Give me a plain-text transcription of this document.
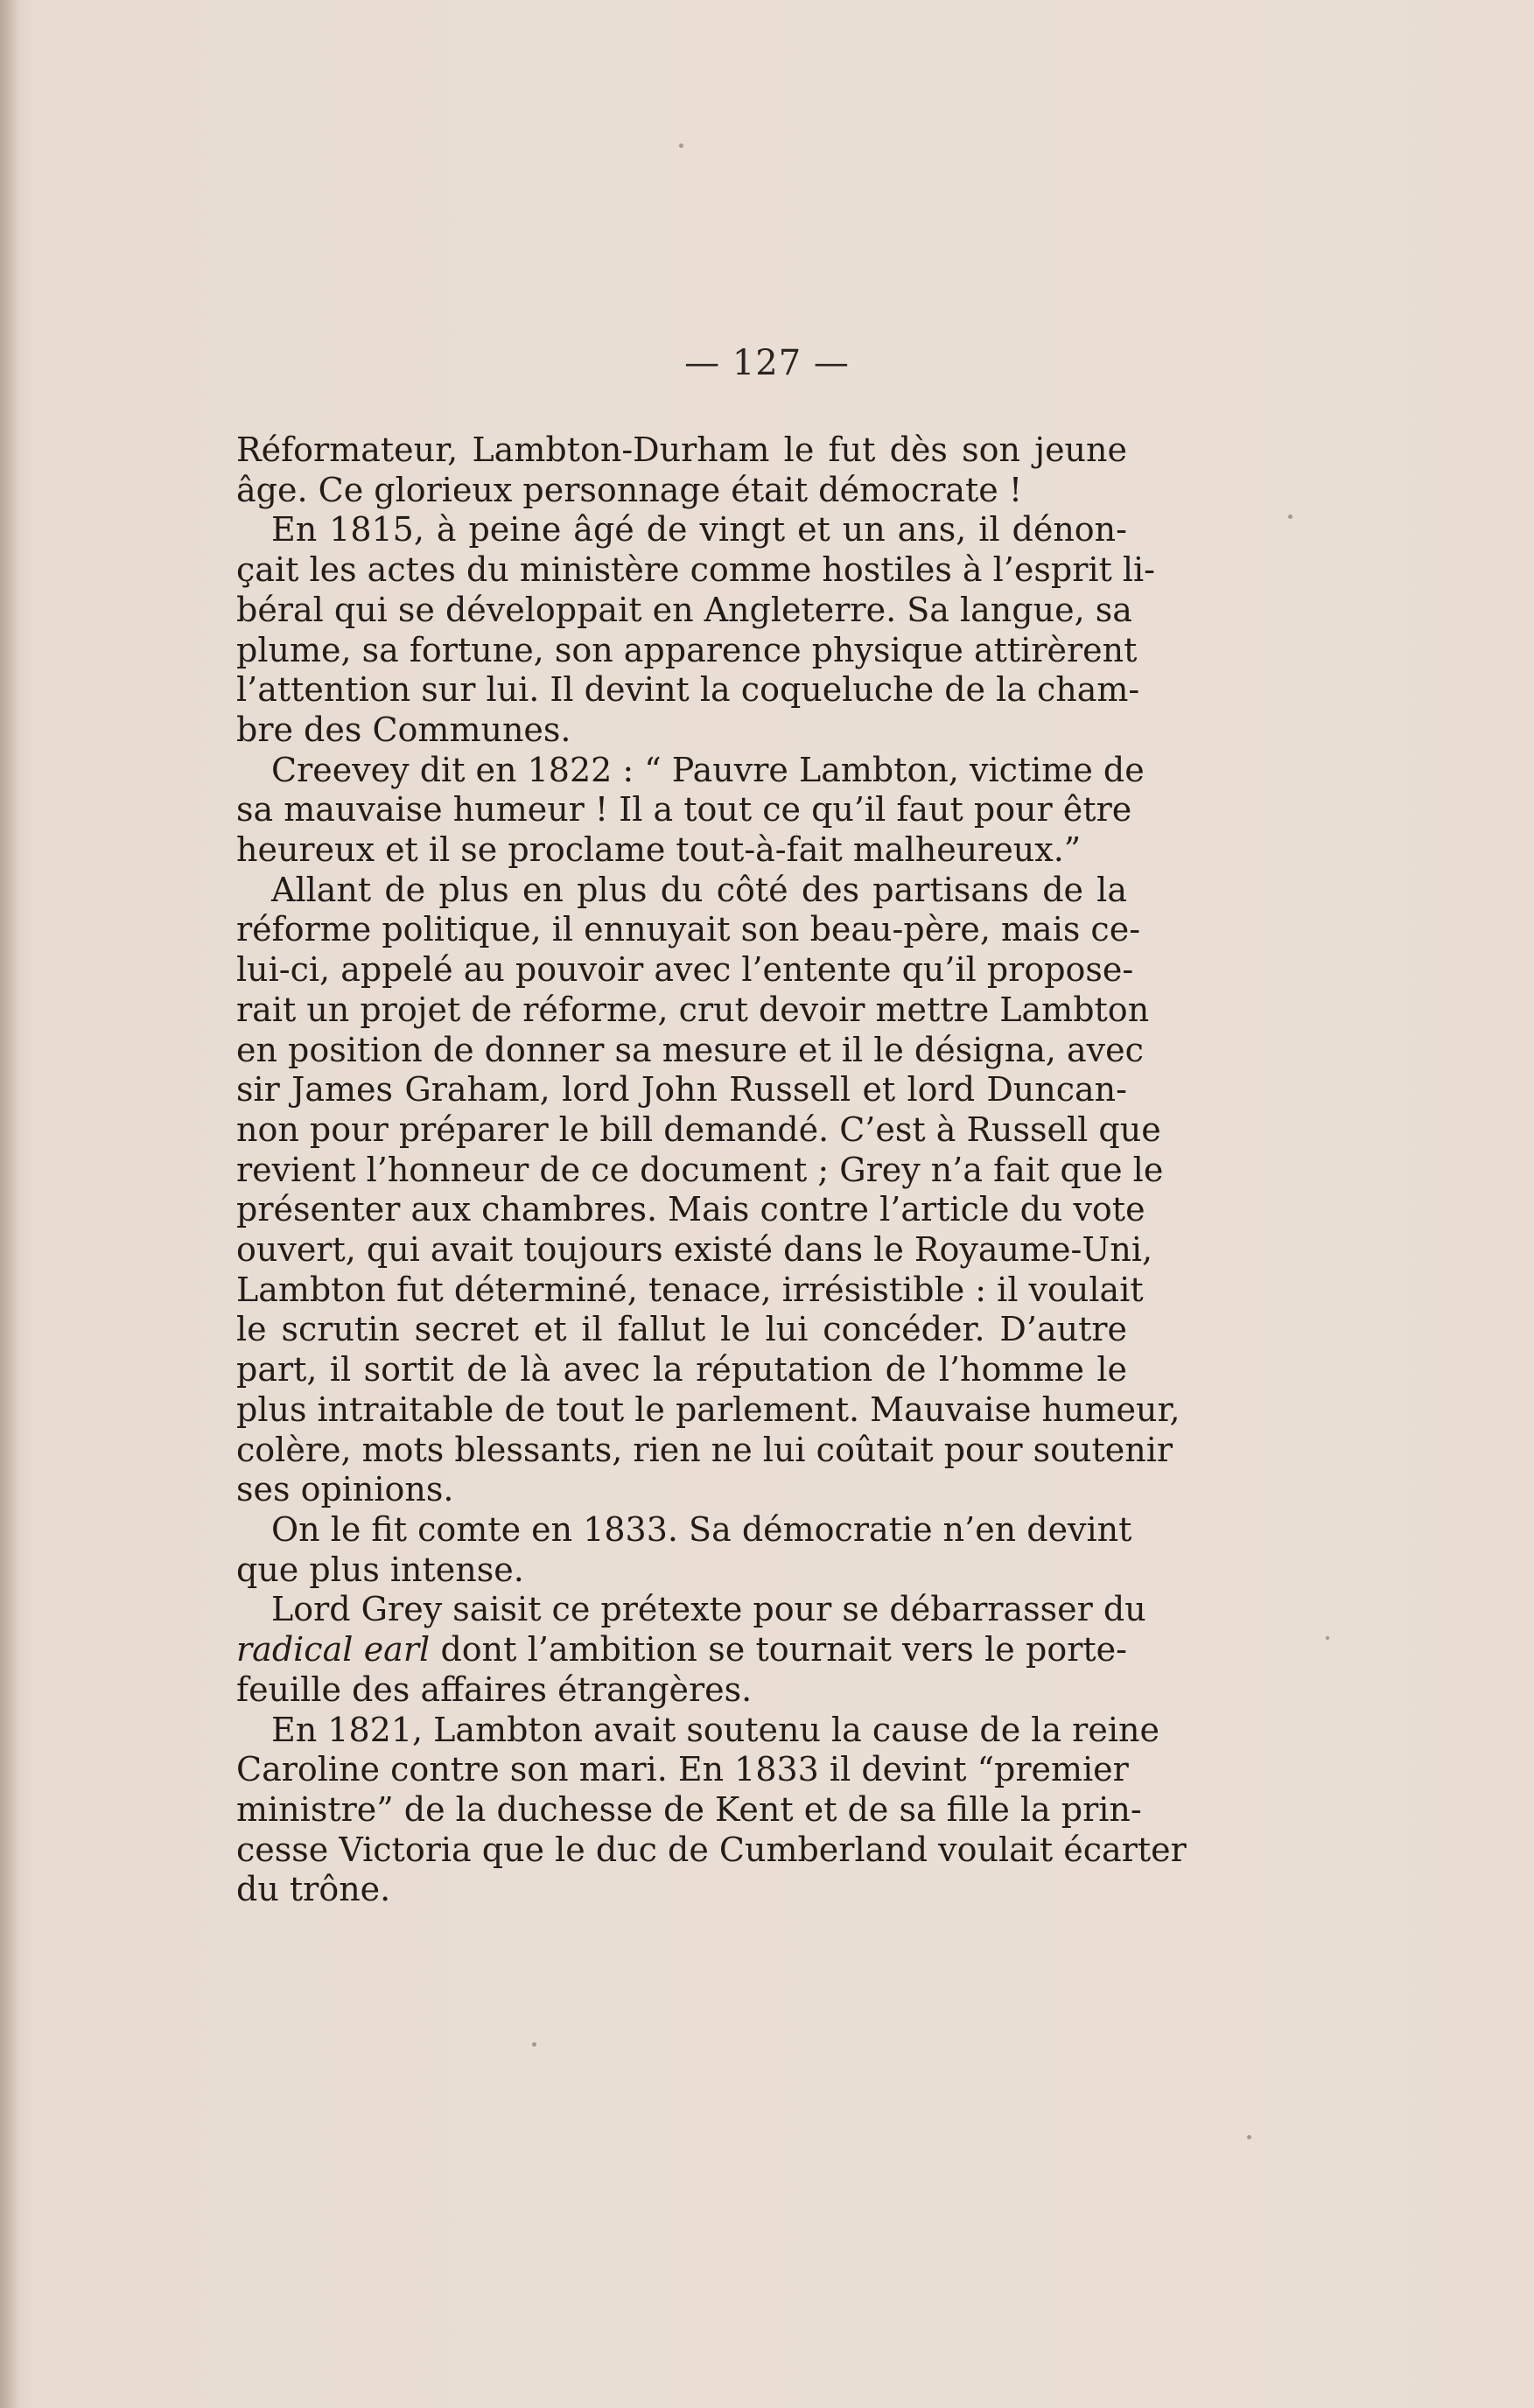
— 127 —
Réformateur, Lambton-Durham le fut dès son jeune
âge. Ce glorieux personnage était démocrate !
En 1815, à peine âgé de vingt et un ans, il dénon-
çait les actes du ministère comme hostiles à l’esprit li-
béral qui se développait en Angleterre. Sa langue, sa
plume, sa fortune, son apparence physique attirèrent
l’attention sur lui. Il devint la coqueluche de la cham-
bre des Communes.
Creevey dit en 1822 : “ Pauvre Lambton, victime de
sa mauvaise humeur ! Il a tout ce qu’il faut pour être
heureux et il se proclame tout-à-fait malheureux.”
Allant de plus en plus du côté des partisans de la
réforme politique, il ennuyait son beau-père, mais ce-
lui-ci, appelé au pouvoir avec l’entente qu’il propose-
rait un projet de réforme, crut devoir mettre Lambton
en position de donner sa mesure et il le désigna, avec
sir James Graham, lord John Russell et lord Duncan-
non pour préparer le bill demandé. C’est à Russell que
revient l’honneur de ce document ; Grey n’a fait que le
présenter aux chambres. Mais contre l’article du vote
ouvert, qui avait toujours existé dans le Royaume-Uni,
Lambton fut déterminé, tenace, irrésistible : il voulait
le scrutin secret et il fallut le lui concéder. D’autre
part, il sortit de là avec la réputation de l’homme le
plus intraitable de tout le parlement. Mauvaise humeur,
colère, mots blessants, rien ne lui coûtait pour soutenir
ses opinions.
On le fit comte en 1833. Sa démocratie n’en devint
que plus intense.
Lord Grey saisit ce prétexte pour se débarrasser du
radical earl dont l’ambition se tournait vers le porte-
feuille des affaires étrangères.
En 1821, Lambton avait soutenu la cause de la reine
Caroline contre son mari. En 1833 il devint “premier
ministre” de la duchesse de Kent et de sa fille la prin-
cesse Victoria que le duc de Cumberland voulait écarter
du trône.
